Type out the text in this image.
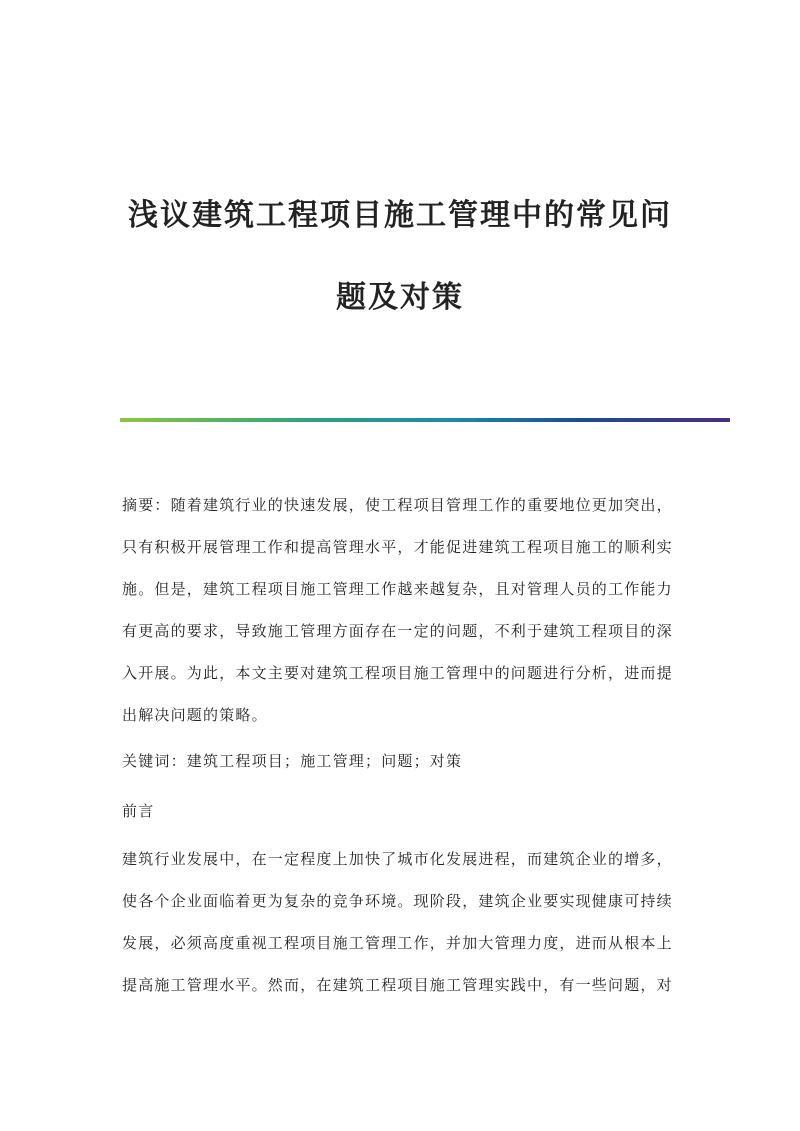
浅议建筑工程项目施工管理中的常见问
题及对策
摘要：随着建筑行业的快速发展，使工程项目管理工作的重要地位更加突出，
只有积极开展管理工作和提高管理水平，才能促进建筑工程项目施工的顺利实
施。但是，建筑工程项目施工管理工作越来越复杂，且对管理人员的工作能力
有更高的要求，导致施工管理方面存在一定的问题，不利于建筑工程项目的深
入开展。为此，本文主要对建筑工程项目施工管理中的问题进行分析，进而提
出解决问题的策略。
关键词：建筑工程项目；施工管理；问题；对策
前言
建筑行业发展中，在一定程度上加快了城市化发展进程，而建筑企业的增多，
使各个企业面临着更为复杂的竞争环境。现阶段，建筑企业要实现健康可持续
发展，必须高度重视工程项目施工管理工作，并加大管理力度，进而从根本上
提高施工管理水平。然而，在建筑工程项目施工管理实践中，有一些问题，对
